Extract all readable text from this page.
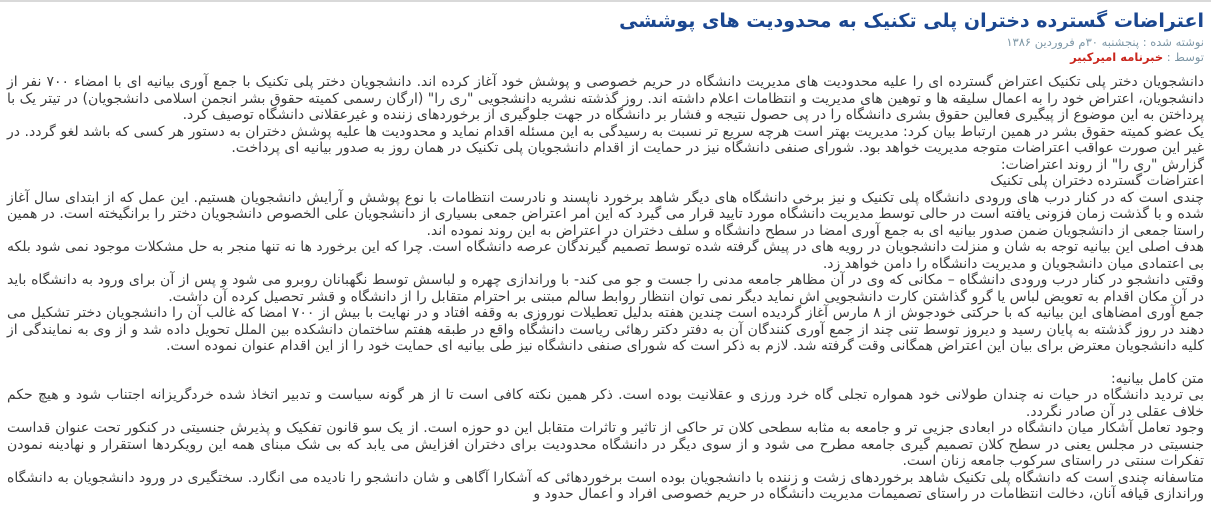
اعتراضات گسترده دختران پلی تکنیک به محدودیت های پوششی
نوشته شده : پنجشنبه ۳۰م فروردین ۱۳۸۶
توسط : خبرنامه امیرکبیر

دانشجویان دختر پلی تکنیک اعتراض گسترده ای را علیه محدودیت های مدیریت دانشگاه در حریم خصوصی و پوشش خود آغاز کرده اند. دانشجویان دختر پلی تکنیک با جمع آوری بیانیه ای با امضاء ۷۰۰ نفر از دانشجویان، اعتراض خود را به اعمال سلیقه ها و توهین های مدیریت و انتظامات اعلام داشته اند. روز گذشته نشریه دانشجویی "ری را" (ارگان رسمی کمیته حقوق بشر انجمن اسلامی دانشجویان) در تیتر یک با پرداختن به این موضوع از پیگیری فعالین حقوق بشری دانشگاه را در پی حصول نتیجه و فشار بر دانشگاه در جهت جلوگیری از برخوردهای زننده و غیرعقلانی دانشگاه توصیف کرد.

یک عضو کمیته حقوق بشر در همین ارتباط بیان کرد: مدیریت بهتر است هرچه سریع تر نسبت به رسیدگی به این مسئله اقدام نماید و محدودیت ها علیه پوشش دختران به دستور هر کسی که باشد لغو گردد. در غیر این صورت عواقب اعتراضات متوجه مدیریت خواهد بود. شورای صنفی دانشگاه نیز در حمایت از اقدام دانشجویان پلی تکنیک در همان روز به صدور بیانیه ای پرداخت.

گزارش "ری را" از روند اعتراضات:

اعتراضات گسترده دختران پلی تکنیک

چندی است که در کنار درب های ورودی دانشگاه پلی تکنیک و نیز برخی دانشگاه های دیگر شاهد برخورد ناپسند و نادرست انتظامات با نوع پوشش و آرایش دانشجویان هستیم. این عمل که از ابتدای سال آغاز شده و با گذشت زمان فزونی یافته است در حالی توسط مدیریت دانشگاه مورد تایید قرار می گیرد که این امر اعتراض جمعی بسیاری از دانشجویان علی الخصوص دانشجویان دختر را برانگیخته است. در همین راستا جمعی از دانشجویان ضمن صدور بیانیه ای به جمع آوری امضا در سطح دانشگاه و سلف دختران در اعتراض به این روند نموده اند.

هدف اصلی این بیانیه توجه به شان و منزلت دانشجویان در رویه های در پیش گرفته شده توسط تصمیم گیرندگان عرصه دانشگاه است. چرا که این برخورد ها نه تنها منجر به حل مشکلات موجود نمی شود بلکه بی اعتمادی میان دانشجویان و مدیریت دانشگاه را دامن خواهد زد.

وقتی دانشجو در کنار درب ورودی دانشگاه – مکانی که وی در آن مظاهر جامعه مدنی را جست و جو می کند- با وراندازی چهره و لباسش توسط نگهبانان روبرو می شود و پس از آن برای ورود به دانشگاه باید در آن مکان اقدام به تعویض لباس یا گرو گذاشتن کارت دانشجویی اش نماید دیگر نمی توان انتظار روابط سالم مبتنی بر احترام متقابل را از دانشگاه و قشر تحصیل کرده آن داشت.

جمع آوری امضاهای این بیانیه که با حرکتی خودجوش از ۸ مارس آغاز گردیده است چندین هفته بدلیل تعطیلات نوروزی به وقفه افتاد و در نهایت با بیش از ۷۰۰ امضا که غالب آن را دانشجویان دختر تشکیل می دهند در روز گذشته به پایان رسید و دیروز توسط تنی چند از جمع آوری کنندگان آن به دفتر دکتر رهائی ریاست دانشگاه واقع در طبقه هفتم ساختمان دانشکده بین الملل تحویل داده شد و از وی به نمایندگی از کلیه دانشجویان معترض برای بیان این اعتراض همگانی وقت گرفته شد. لازم به ذکر است که شورای صنفی دانشگاه نیز طی بیانیه ای حمایت خود را از این اقدام عنوان نموده است.

متن کامل بیانیه:

بی تردید دانشگاه در حیات نه چندان طولانی خود همواره تجلی گاه خرد ورزی و عقلانیت بوده است. ذکر همین نکته کافی است تا از هر گونه سیاست و تدبیر اتخاذ شده خردگریزانه اجتناب شود و هیچ حکم خلاف عقلی در آن صادر نگردد.

وجود تعامل آشکار میان دانشگاه در ابعادی جزیی تر و جامعه به مثابه سطحی کلان تر حاکی از تاثیر و تاثرات متقابل این دو حوزه است. از یک سو قانون تفکیک و پذیرش جنسیتی در کنکور تحت عنوان قداست جنسیتی در مجلس یعنی در سطح کلان تصمیم گیری جامعه مطرح می شود و از سوی دیگر در دانشگاه محدودیت برای دختران افزایش می یابد که بی شک مبنای همه این رویکردها استقرار و نهادینه نمودن تفکرات سنتی در راستای سرکوب جامعه زنان است.

متاسفانه چندی است که دانشگاه پلی تکنیک شاهد برخوردهای زشت و زننده با دانشجویان بوده است برخوردهائی که آشکارا آگاهی و شان دانشجو را نادیده می انگارد. سختگیری در ورود دانشجویان به دانشگاه وراندازی قیافه آنان، دخالت انتظامات در راستای تصمیمات مدیریت دانشگاه در حریم خصوصی افراد و اعمال حدود و
